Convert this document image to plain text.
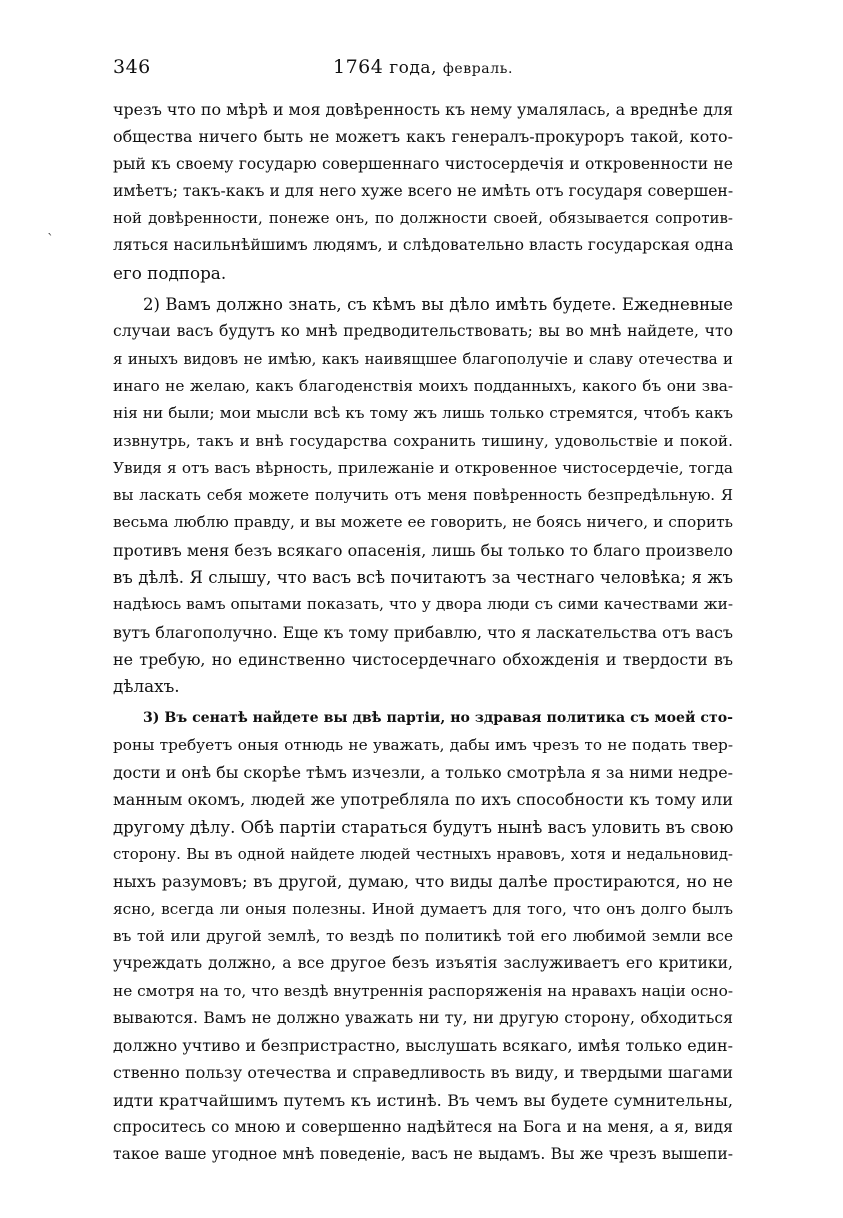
346	1764 года, февраль.
`
чрезъ что по мѣрѣ и моя довѣренность къ нему умалялась, а вреднѣе для
общества ничего быть не можетъ какъ генералъ-прокуроръ такой, кото-
рый къ своему государю совершеннаго чистосердечія и откровенности не
имѣетъ; такъ-какъ и для него хуже всего не имѣть отъ государя совершен-
ной довѣренности, понеже онъ, по должности своей, обязывается сопротив-
ляться насильнѣйшимъ людямъ, и слѣдовательно власть государская одна
его подпора.
2) Вамъ должно знать, съ кѣмъ вы дѣло имѣть будете. Ежедневные
случаи васъ будутъ ко мнѣ предводительствовать; вы во мнѣ найдете, что
я иныхъ видовъ не имѣю, какъ наивящшее благополучіе и славу отечества и
инаго не желаю, какъ благоденствія моихъ подданныхъ, какого бъ они зва-
нія ни были; мои мысли всѣ къ тому жъ лишь только стремятся, чтобъ какъ
извнутрь, такъ и внѣ государства сохранить тишину, удовольствіе и покой.
Увидя я отъ васъ вѣрность, прилежаніе и откровенное чистосердечіе, тогда
вы ласкать себя можете получить отъ меня повѣренность безпредѣльную. Я
весьма люблю правду, и вы можете ее говорить, не боясь ничего, и спорить
противъ меня безъ всякаго опасенія, лишь бы только то благо произвело
въ дѣлѣ. Я слышу, что васъ всѣ почитаютъ за честнаго человѣка; я жъ
надѣюсь вамъ опытами показать, что у двора люди съ сими качествами жи-
вутъ благополучно. Еще къ тому прибавлю, что я ласкательства отъ васъ
не требую, но единственно чистосердечнаго обхожденія и твердости въ
дѣлахъ.
3) Въ сенатѣ найдете вы двѣ партіи, но здравая политика съ моей сто-
роны требуетъ оныя отнюдь не уважать, дабы имъ чрезъ то не подать твер-
дости и онѣ бы скорѣе тѣмъ изчезли, а только смотрѣла я за ними недре-
манным окомъ, людей же употребляла по ихъ способности къ тому или
другому дѣлу. Обѣ партіи стараться будутъ нынѣ васъ уловить въ свою
сторону. Вы въ одной найдете людей честныхъ нравовъ, хотя и недальновид-
ныхъ разумовъ; въ другой, думаю, что виды далѣе простираются, но не
ясно, всегда ли оныя полезны. Иной думаетъ для того, что онъ долго былъ
въ той или другой землѣ, то вездѣ по политикѣ той его любимой земли все
учреждать должно, а все другое безъ изъятія заслуживаетъ его критики,
не смотря на то, что вездѣ внутреннія распоряженія на нравахъ націи осно-
вываются. Вамъ не должно уважать ни ту, ни другую сторону, обходиться
должно учтиво и безпристрастно, выслушать всякаго, имѣя только един-
ственно пользу отечества и справедливость въ виду, и твердыми шагами
идти кратчайшимъ путемъ къ истинѣ. Въ чемъ вы будете сумнительны,
спроситесь со мною и совершенно надѣйтеся на Бога и на меня, а я, видя
такое ваше угодное мнѣ поведеніе, васъ не выдамъ. Вы же чрезъ вышепи-
